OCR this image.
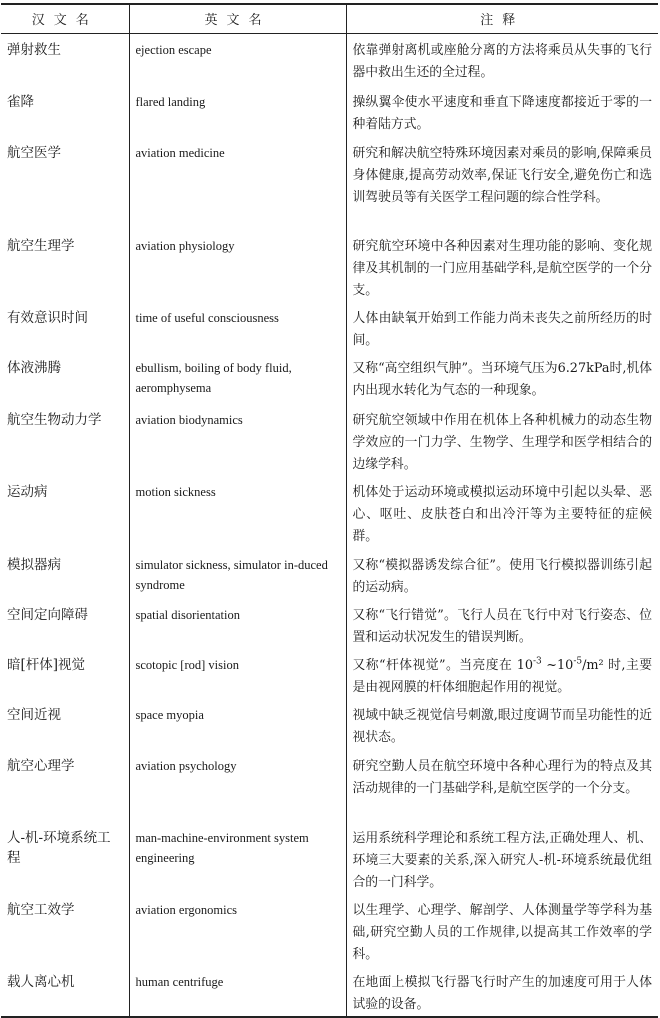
汉文名	英文名	注释
弹射救生	ejection escape	依靠弹射离机或座舱分离的方法将乘员从失事的飞行器中救出生还的全过程。
雀降	flared landing	操纵翼伞使水平速度和垂直下降速度都接近于零的一种着陆方式。
航空医学	aviation medicine	研究和解决航空特殊环境因素对乘员的影响,保障乘员身体健康,提高劳动效率,保证飞行安全,避免伤亡和选训驾驶员等有关医学工程问题的综合性学科。
航空生理学	aviation physiology	研究航空环境中各种因素对生理功能的影响、变化规律及其机制的一门应用基础学科,是航空医学的一个分支。
有效意识时间	time of useful consciousness	人体由缺氧开始到工作能力尚未丧失之前所经历的时间。
体液沸腾	ebullism, boiling of body fluid, aeromphysema	又称“高空组织气肿”。当环境气压为6.27kPa时,机体内出现水转化为气态的一种现象。
航空生物动力学	aviation biodynamics	研究航空领域中作用在机体上各种机械力的动态生物学效应的一门力学、生物学、生理学和医学相结合的边缘学科。
运动病	motion sickness	机体处于运动环境或模拟运动环境中引起以头晕、恶心、呕吐、皮肤苍白和出冷汗等为主要特征的症候群。
模拟器病	simulator sickness, simulator in-duced syndrome	又称“模拟器诱发综合征”。使用飞行模拟器训练引起的运动病。
空间定向障碍	spatial disorientation	又称“飞行错觉”。飞行人员在飞行中对飞行姿态、位置和运动状况发生的错误判断。
暗[杆体]视觉	scotopic [rod] vision	又称“杆体视觉”。当亮度在 $10^{-3}$ $\sim 10^{-5}/m^2$ 时,主要是由视网膜的杆体细胞起作用的视觉。
空间近视	space myopia	视域中缺乏视觉信号刺激,眼过度调节而呈功能性的近视状态。
航空心理学	aviation psychology	研究空勤人员在航空环境中各种心理行为的特点及其活动规律的一门基础学科,是航空医学的一个分支。
人-机-环境系统工程	man-machine-environment system engineering	运用系统科学理论和系统工程方法,正确处理人、机、环境三大要素的关系,深入研究人-机-环境系统最优组合的一门科学。
航空工效学	aviation ergonomics	以生理学、心理学、解剖学、人体测量学等学科为基础,研究空勤人员的工作规律,以提高其工作效率的学科。
载人离心机	human centrifuge	在地面上模拟飞行器飞行时产生的加速度可用于人体试验的设备。
